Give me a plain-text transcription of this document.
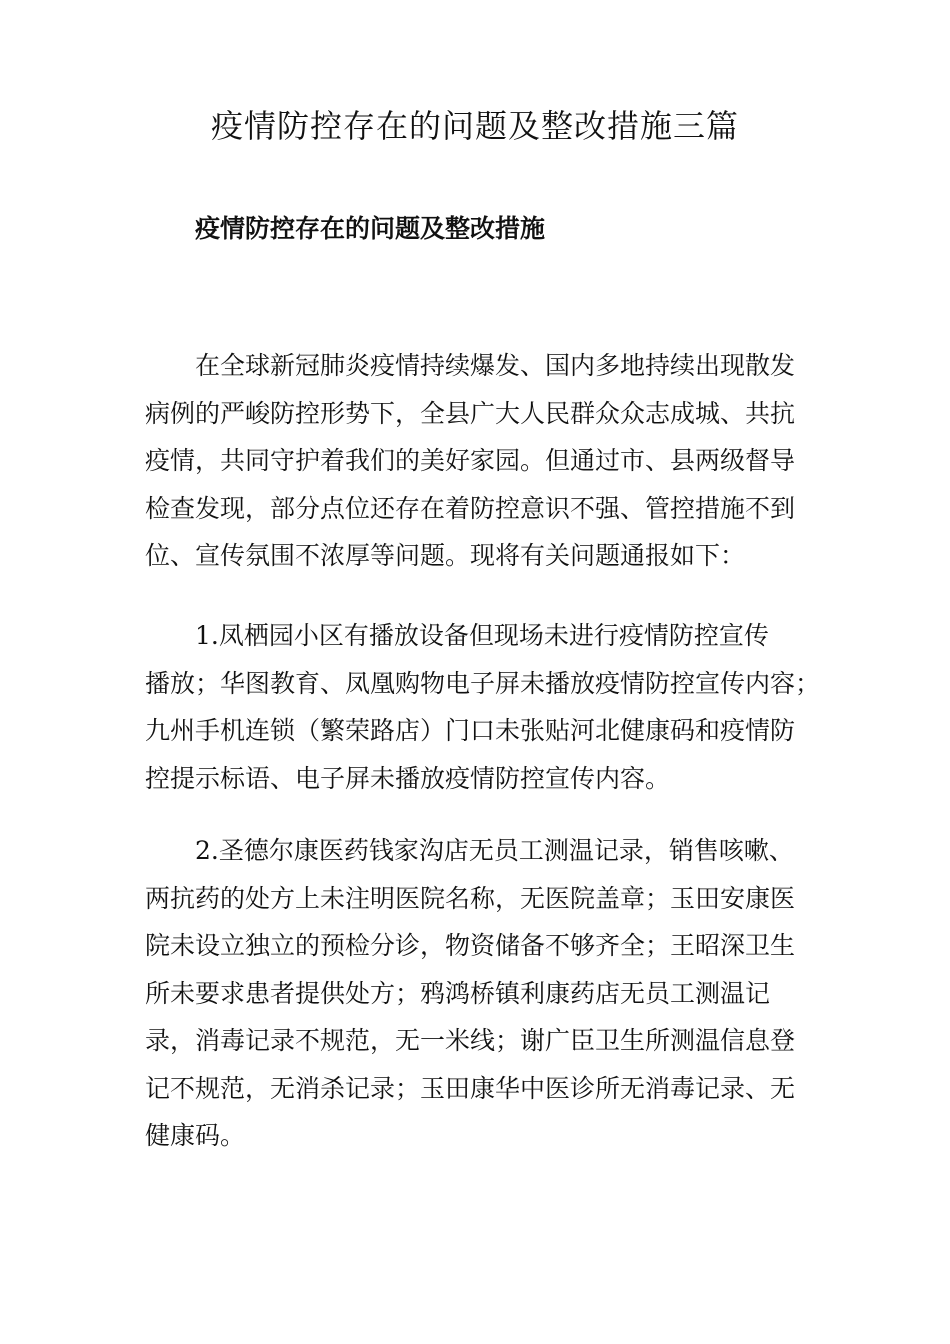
疫情防控存在的问题及整改措施三篇
疫情防控存在的问题及整改措施
在全球新冠肺炎疫情持续爆发、国内多地持续出现散发
病例的严峻防控形势下，全县广大人民群众众志成城、共抗
疫情，共同守护着我们的美好家园。但通过市、县两级督导
检查发现，部分点位还存在着防控意识不强、管控措施不到
位、宣传氛围不浓厚等问题。现将有关问题通报如下：
1.凤栖园小区有播放设备但现场未进行疫情防控宣传
播放；华图教育、凤凰购物电子屏未播放疫情防控宣传内容；
九州手机连锁（繁荣路店）门口未张贴河北健康码和疫情防
控提示标语、电子屏未播放疫情防控宣传内容。
2.圣德尔康医药钱家沟店无员工测温记录，销售咳嗽、
两抗药的处方上未注明医院名称，无医院盖章；玉田安康医
院未设立独立的预检分诊，物资储备不够齐全；王昭深卫生
所未要求患者提供处方；鸦鸿桥镇利康药店无员工测温记
录，消毒记录不规范，无一米线；谢广臣卫生所测温信息登
记不规范，无消杀记录；玉田康华中医诊所无消毒记录、无
健康码。
